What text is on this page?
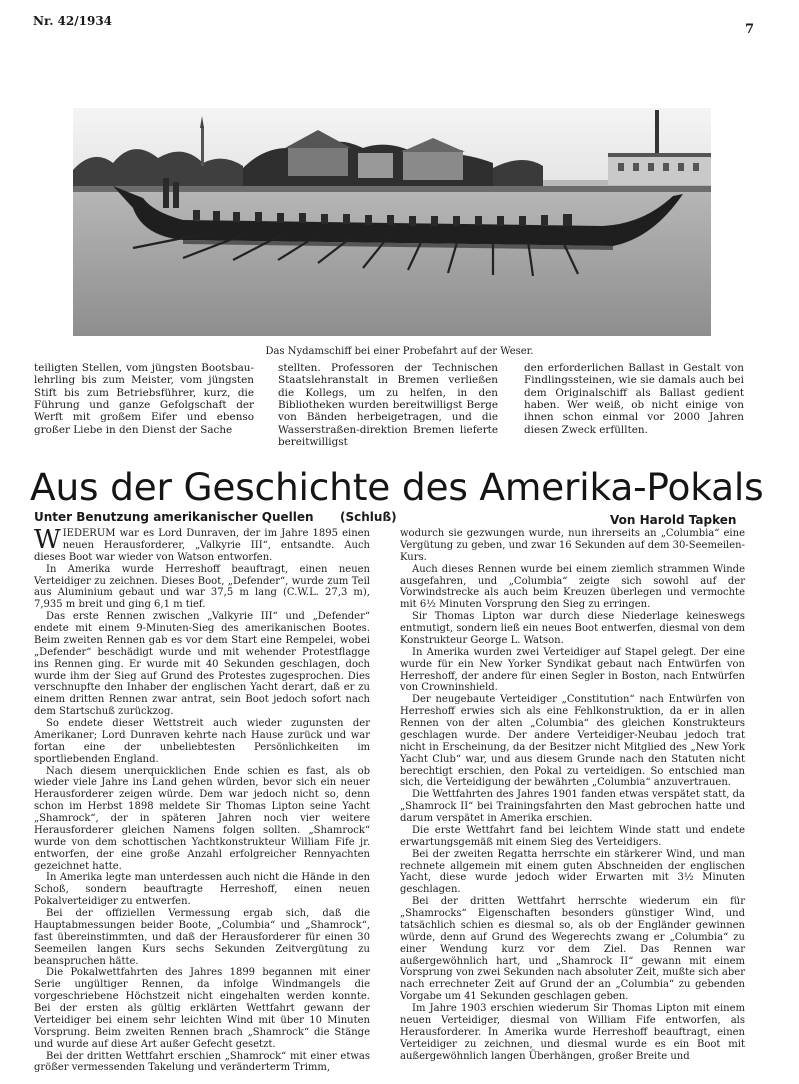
Nr. 42/1934
7
Das Nydamschiff bei einer Probefahrt auf der Weser.

teiligten Stellen, vom jüngsten Bootsbau-lehrling bis zum Meister, vom jüngsten Stift bis zum Betriebsführer, kurz, die Führung und ganze Gefolgschaft der Werft mit großem Eifer und ebenso großer Liebe in den Dienst der Sache

stellten. Professoren der Technischen Staatslehranstalt in Bremen verließen die Kollegs, um zu helfen, in den Bibliotheken wurden bereitwilligst Berge von Bänden herbeigetragen, und die Wasserstraßen-direktion Bremen lieferte bereitwilligst

den erforderlichen Ballast in Gestalt von Findlingssteinen, wie sie damals auch bei dem Originalschiff als Ballast gedient haben. Wer weiß, ob nicht einige von ihnen schon einmal vor 2000 Jahren diesen Zweck erfüllten.

Aus der Geschichte des Amerika-Pokals
Unter Benutzung amerikanischer Quellen (Schluß)	Von Harold Tapken

WIEDERUM war es Lord Dunraven, der im Jahre 1895 einen neuen Herausforderer, „Valkyrie III“, entsandte. Auch dieses Boot war wieder von Watson entworfen.

In Amerika wurde Herreshoff beauftragt, einen neuen Verteidiger zu zeichnen. Dieses Boot, „Defender“, wurde zum Teil aus Aluminium gebaut und war 37,5 m lang (C.W.L. 27,3 m), 7,935 m breit und ging 6,1 m tief.

Das erste Rennen zwischen „Valkyrie III“ und „Defender“ endete mit einem 9-Minuten-Sieg des amerikanischen Bootes. Beim zweiten Rennen gab es vor dem Start eine Rempelei, wobei „Defender“ beschädigt wurde und mit wehender Protestflagge ins Rennen ging. Er wurde mit 40 Sekunden geschlagen, doch wurde ihm der Sieg auf Grund des Protestes zugesprochen. Dies verschnupfte den Inhaber der englischen Yacht derart, daß er zu einem dritten Rennen zwar antrat, sein Boot jedoch sofort nach dem Startschuß zurückzog.

So endete dieser Wettstreit auch wieder zugunsten der Amerikaner; Lord Dunraven kehrte nach Hause zurück und war fortan eine der unbeliebtesten Persönlichkeiten im sportliebenden England.

Nach diesem unerquicklichen Ende schien es fast, als ob wieder viele Jahre ins Land gehen würden, bevor sich ein neuer Herausforderer zeigen würde. Dem war jedoch nicht so, denn schon im Herbst 1898 meldete Sir Thomas Lipton seine Yacht „Shamrock“, der in späteren Jahren noch vier weitere Herausforderer gleichen Namens folgen sollten. „Shamrock“ wurde von dem schottischen Yachtkonstrukteur William Fife jr. entworfen, der eine große Anzahl erfolgreicher Rennyachten gezeichnet hatte.

In Amerika legte man unterdessen auch nicht die Hände in den Schoß, sondern beauftragte Herreshoff, einen neuen Pokalverteidiger zu entwerfen.

Bei der offiziellen Vermessung ergab sich, daß die Hauptabmessungen beider Boote, „Columbia“ und „Shamrock“, fast übereinstimmten, und daß der Herausforderer für einen 30 Seemeilen langen Kurs sechs Sekunden Zeitvergütung zu beanspruchen hätte.

Die Pokalwettfahrten des Jahres 1899 begannen mit einer Serie ungültiger Rennen, da infolge Windmangels die vorgeschriebene Höchstzeit nicht eingehalten werden konnte. Bei der ersten als gültig erklärten Wettfahrt gewann der Verteidiger bei einem sehr leichten Wind mit über 10 Minuten Vorsprung. Beim zweiten Rennen brach „Shamrock“ die Stänge und wurde auf diese Art außer Gefecht gesetzt.

Bei der dritten Wettfahrt erschien „Shamrock“ mit einer etwas größer vermessenden Takelung und veränderterm Trimm,

wodurch sie gezwungen wurde, nun ihrerseits an „Columbia“ eine Vergütung zu geben, und zwar 16 Sekunden auf dem 30-Seemeilen-Kurs.

Auch dieses Rennen wurde bei einem ziemlich strammen Winde ausgefahren, und „Columbia“ zeigte sich sowohl auf der Vorwindstrecke als auch beim Kreuzen überlegen und vermochte mit 6½ Minuten Vorsprung den Sieg zu erringen.

Sir Thomas Lipton war durch diese Niederlage keineswegs entmutigt, sondern ließ ein neues Boot entwerfen, diesmal von dem Konstrukteur George L. Watson.

In Amerika wurden zwei Verteidiger auf Stapel gelegt. Der eine wurde für ein New Yorker Syndikat gebaut nach Entwürfen von Herreshoff, der andere für einen Segler in Boston, nach Entwürfen von Crowninshield.

Der neugebaute Verteidiger „Constitution“ nach Entwürfen von Herreshoff erwies sich als eine Fehlkonstruktion, da er in allen Rennen von der alten „Columbia“ des gleichen Konstrukteurs geschlagen wurde. Der andere Verteidiger-Neubau jedoch trat nicht in Erscheinung, da der Besitzer nicht Mitglied des „New York Yacht Club“ war, und aus diesem Grunde nach den Statuten nicht berechtigt erschien, den Pokal zu verteidigen. So entschied man sich, die Verteidigung der bewährten „Columbia“ anzuvertrauen.

Die Wettfahrten des Jahres 1901 fanden etwas verspätet statt, da „Shamrock II“ bei Trainingsfahrten den Mast gebrochen hatte und darum verspätet in Amerika erschien.

Die erste Wettfahrt fand bei leichtem Winde statt und endete erwartungsgemäß mit einem Sieg des Verteidigers.

Bei der zweiten Regatta herrschte ein stärkerer Wind, und man rechnete allgemein mit einem guten Abschneiden der englischen Yacht, diese wurde jedoch wider Erwarten mit 3½ Minuten geschlagen.

Bei der dritten Wettfahrt herrschte wiederum ein für „Shamrocks“ Eigenschaften besonders günstiger Wind, und tatsächlich schien es diesmal so, als ob der Engländer gewinnen würde, denn auf Grund des Wegerechts zwang er „Columbia“ zu einer Wendung kurz vor dem Ziel. Das Rennen war außergewöhnlich hart, und „Shamrock II“ gewann mit einem Vorsprung von zwei Sekunden nach absoluter Zeit, mußte sich aber nach errechneter Zeit auf Grund der an „Columbia“ zu gebenden Vorgabe um 41 Sekunden geschlagen geben.

Im Jahre 1903 erschien wiederum Sir Thomas Lipton mit einem neuen Verteidiger, diesmal von William Fife entworfen, als Herausforderer. In Amerika wurde Herreshoff beauftragt, einen Verteidiger zu zeichnen, und diesmal wurde es ein Boot mit außergewöhnlich langen Überhängen, großer Breite und
